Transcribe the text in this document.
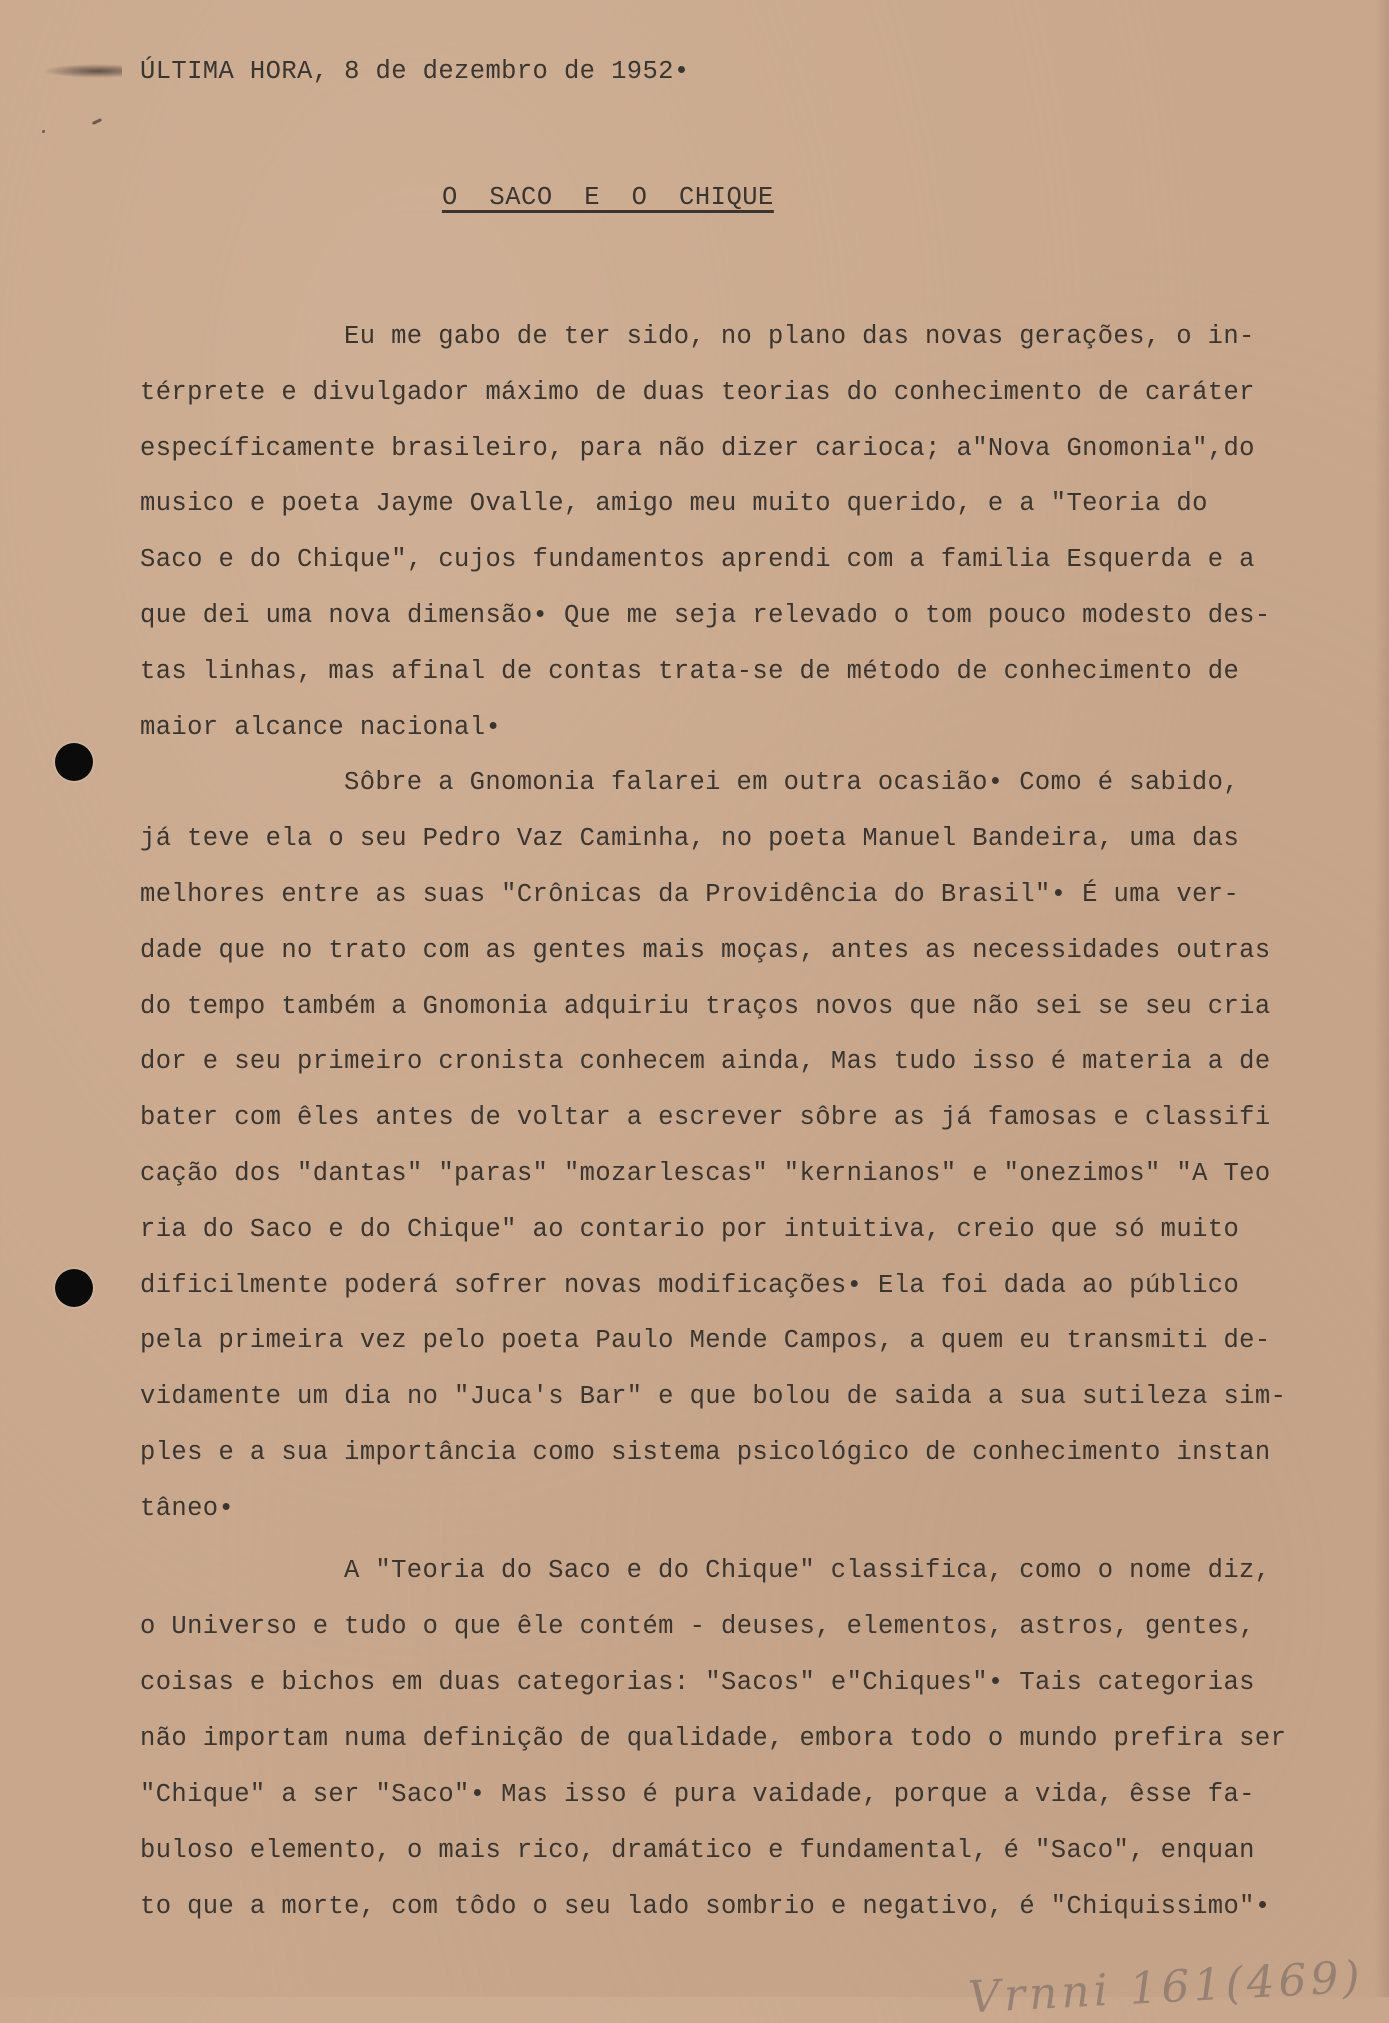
ÚLTIMA HORA, 8 de dezembro de 1952•
O  SACO  E  O  CHIQUE
Eu me gabo de ter sido, no plano das novas gerações, o in-
térprete e divulgador máximo de duas teorias do conhecimento de caráter
específicamente brasileiro, para não dizer carioca; a"Nova Gnomonia",do
musico e poeta Jayme Ovalle, amigo meu muito querido, e a "Teoria do
Saco e do Chique", cujos fundamentos aprendi com a familia Esquerda e a
que dei uma nova dimensão• Que me seja relevado o tom pouco modesto des-
tas linhas, mas afinal de contas trata-se de método de conhecimento de
maior alcance nacional•
Sôbre a Gnomonia falarei em outra ocasião• Como é sabido,
já teve ela o seu Pedro Vaz Caminha, no poeta Manuel Bandeira, uma das
melhores entre as suas "Crônicas da Providência do Brasil"• É uma ver-
dade que no trato com as gentes mais moças, antes as necessidades outras
do tempo também a Gnomonia adquiriu traços novos que não sei se seu cria
dor e seu primeiro cronista conhecem ainda, Mas tudo isso é materia a de
bater com êles antes de voltar a escrever sôbre as já famosas e classifi
cação dos "dantas" "paras" "mozarlescas" "kernianos" e "onezimos" "A Teo
ria do Saco e do Chique" ao contario por intuitiva, creio que só muito
dificilmente poderá sofrer novas modificações• Ela foi dada ao público
pela primeira vez pelo poeta Paulo Mende Campos, a quem eu transmiti de-
vidamente um dia no "Juca's Bar" e que bolou de saida a sua sutileza sim-
ples e a sua importância como sistema psicológico de conhecimento instan
tâneo•
A "Teoria do Saco e do Chique" classifica, como o nome diz,
o Universo e tudo o que êle contém - deuses, elementos, astros, gentes,
coisas e bichos em duas categorias: "Sacos" e"Chiques"• Tais categorias
não importam numa definição de qualidade, embora todo o mundo prefira ser
"Chique" a ser "Saco"• Mas isso é pura vaidade, porque a vida, êsse fa-
buloso elemento, o mais rico, dramático e fundamental, é "Saco", enquan
to que a morte, com tôdo o seu lado sombrio e negativo, é "Chiquissimo"•
Vrnni 161(469)
